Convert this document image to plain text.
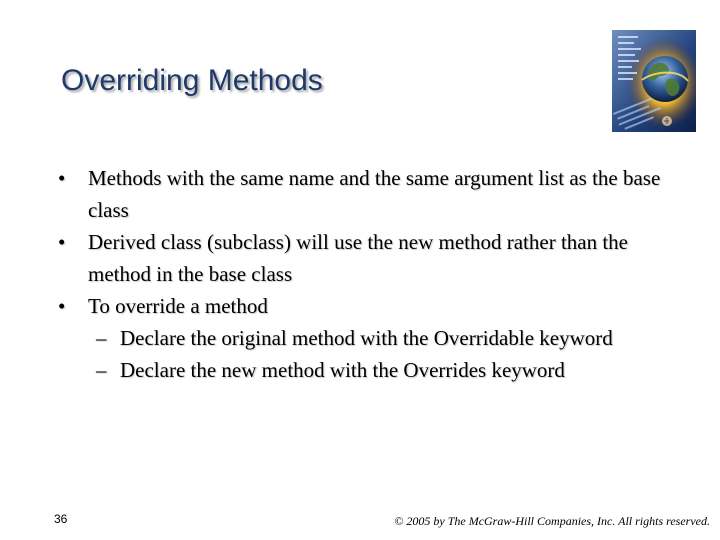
Overriding Methods
• Methods with the same name and the same argument list as the base class
• Derived class (subclass) will use the new method rather than the method in the base class
• To override a method
– Declare the original method with the Overridable keyword
– Declare the new method with the Overrides keyword
36	© 2005 by The McGraw-Hill Companies, Inc. All rights reserved.
